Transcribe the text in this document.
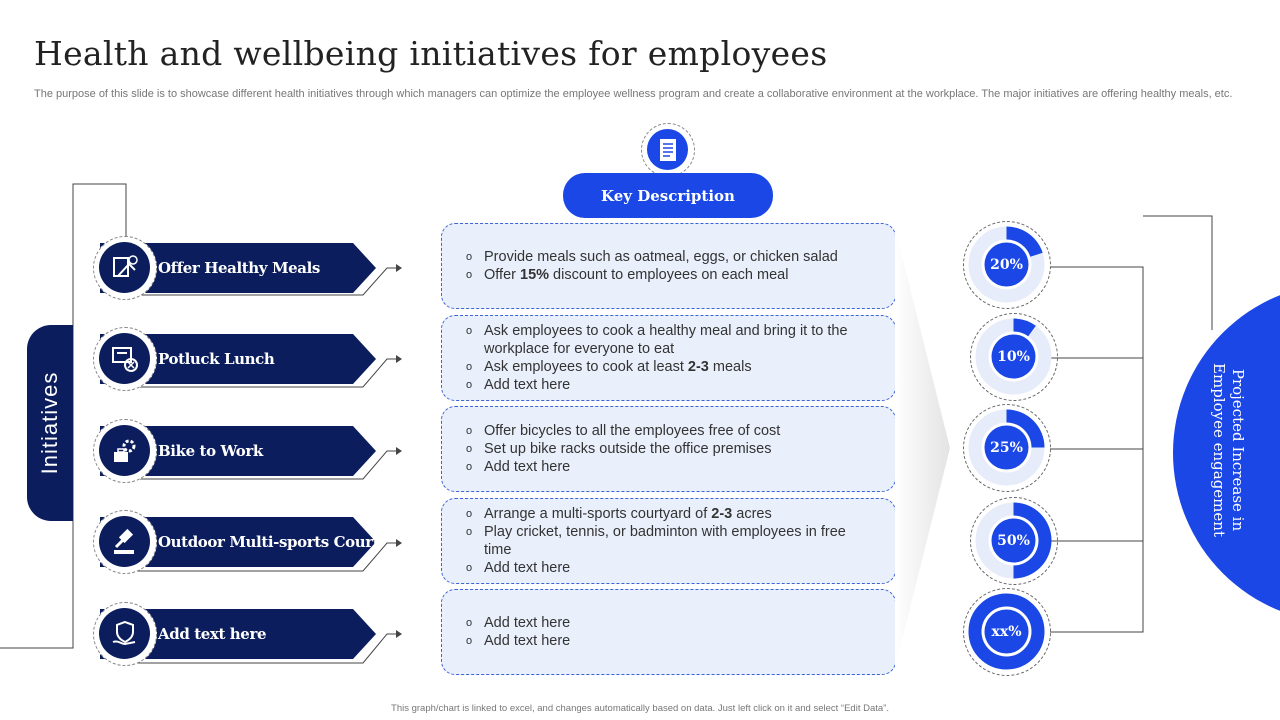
Health and wellbeing initiatives for employees
The purpose of this slide is to showcase different health initiatives through which managers can optimize the employee wellness program and create a collaborative environment at the workplace. The major initiatives are offering healthy meals, etc.
Initiatives
Offer Healthy Meals
Potluck Lunch
Bike to Work
Outdoor Multi-sports Court
Add text here
Key Description
o Provide meals such as oatmeal, eggs, or chicken salad
o Offer 15% discount to employees on each meal
o Ask employees to cook a healthy meal and bring it to the workplace for everyone to eat
o Ask employees to cook at least 2-3 meals
o Add text here
o Offer bicycles to all the employees free of cost
o Set up bike racks outside the office premises
o Add text here
o Arrange a multi-sports courtyard of 2-3 acres
o Play cricket, tennis, or badminton with employees in free time
o Add text here
o Add text here
o Add text here
20%
10%
25%
50%
xx%
Projected Increase in
Employee engagement
This graph/chart is linked to excel, and changes automatically based on data. Just left click on it and select “Edit Data”.
